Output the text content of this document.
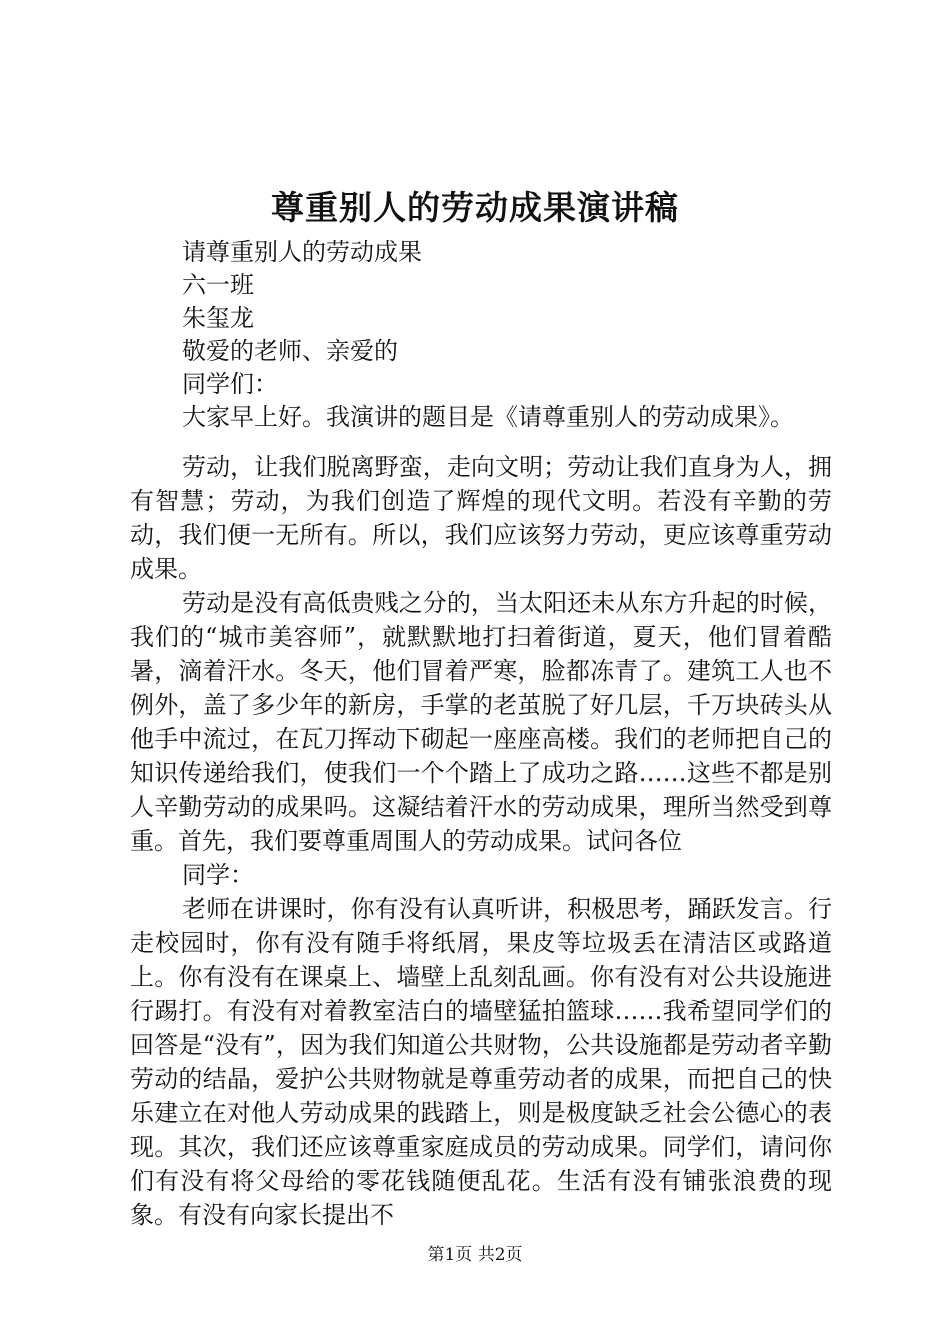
尊重别人的劳动成果演讲稿
请尊重别人的劳动成果
六一班
朱玺龙
敬爱的老师、亲爱的
同学们：
大家早上好。我演讲的题目是《请尊重别人的劳动成果》。

劳动，让我们脱离野蛮，走向文明；劳动让我们直身为人，拥有智慧；劳动，为我们创造了辉煌的现代文明。若没有辛勤的劳动，我们便一无所有。所以，我们应该努力劳动，更应该尊重劳动成果。

劳动是没有高低贵贱之分的，当太阳还未从东方升起的时候，我们的“城市美容师”，就默默地打扫着街道，夏天，他们冒着酷暑，滴着汗水。冬天，他们冒着严寒，脸都冻青了。建筑工人也不例外，盖了多少年的新房，手掌的老茧脱了好几层，千万块砖头从他手中流过，在瓦刀挥动下砌起一座座高楼。我们的老师把自己的知识传递给我们，使我们一个个踏上了成功之路……这些不都是别人辛勤劳动的成果吗。这凝结着汗水的劳动成果，理所当然受到尊重。首先，我们要尊重周围人的劳动成果。试问各位

同学：

老师在讲课时，你有没有认真听讲，积极思考，踊跃发言。行走校园时，你有没有随手将纸屑，果皮等垃圾丢在清洁区或路道上。你有没有在课桌上、墙壁上乱刻乱画。你有没有对公共设施进行踢打。有没有对着教室洁白的墙壁猛拍篮球……我希望同学们的回答是“没有”，因为我们知道公共财物，公共设施都是劳动者辛勤劳动的结晶，爱护公共财物就是尊重劳动者的成果，而把自己的快乐建立在对他人劳动成果的践踏上，则是极度缺乏社会公德心的表现。其次，我们还应该尊重家庭成员的劳动成果。同学们，请问你们有没有将父母给的零花钱随便乱花。生活有没有铺张浪费的现象。有没有向家长提出不

第1页 共2页
